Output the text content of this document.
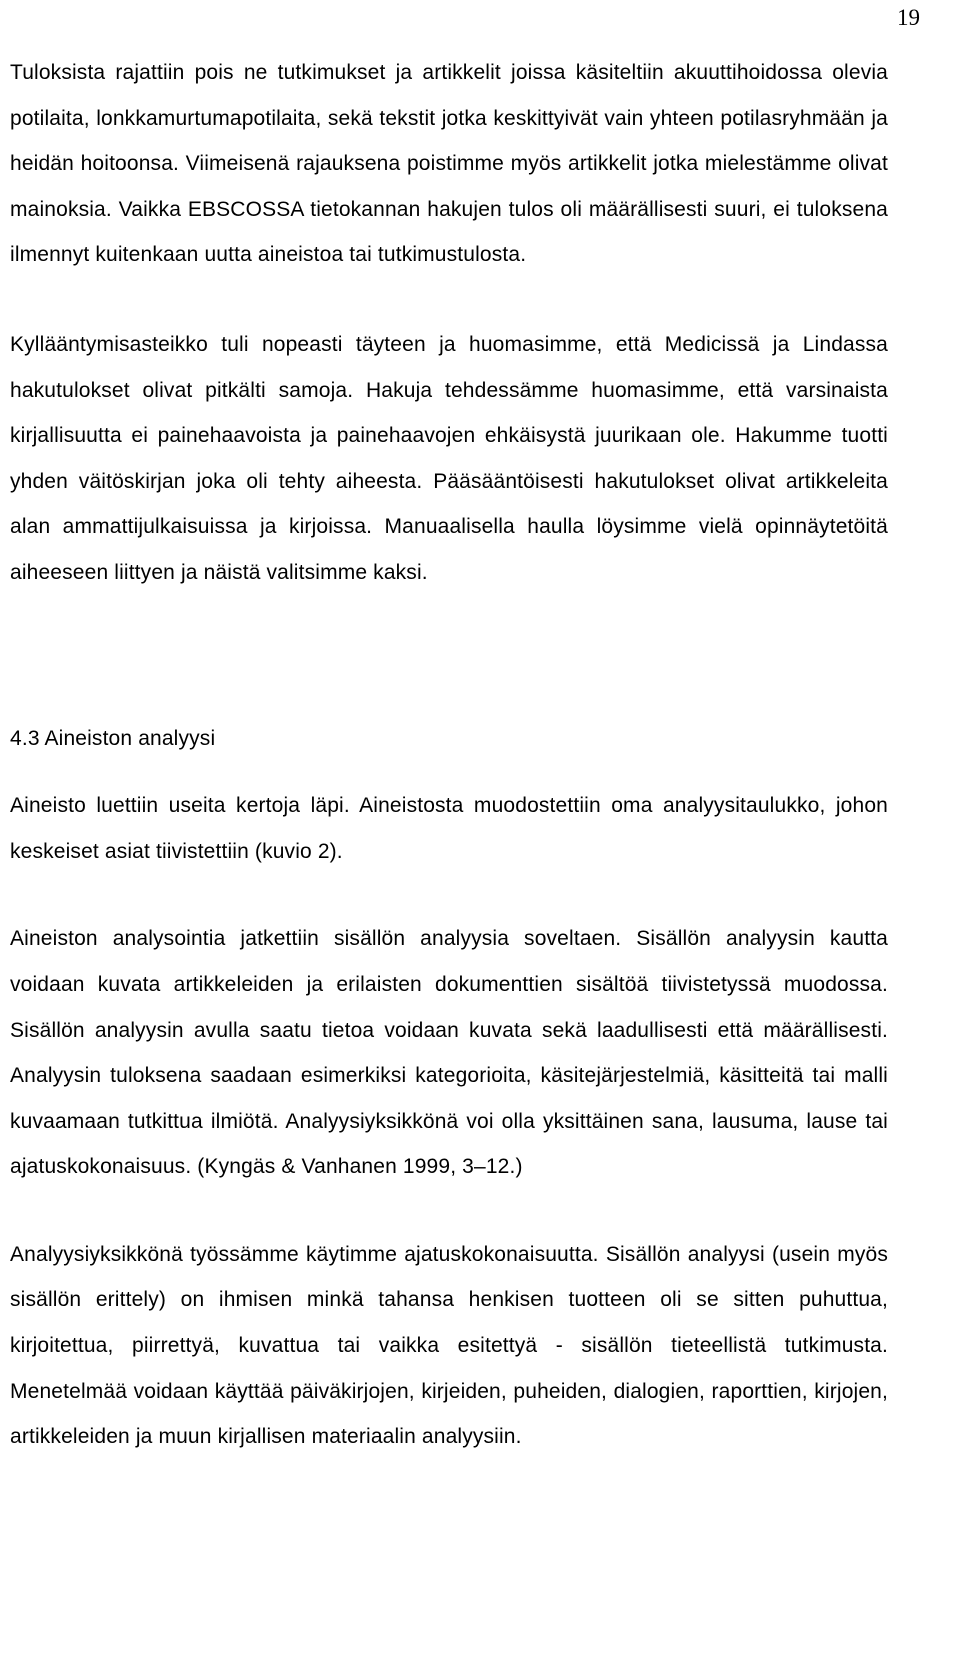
19

Tuloksista rajattiin pois ne tutkimukset ja artikkelit joissa käsiteltiin akuuttihoidossa olevia potilaita, lonkkamurtumapotilaita, sekä tekstit jotka keskittyivät vain yhteen potilasryhmään ja heidän hoitoonsa. Viimeisenä rajauksena poistimme myös artikkelit jotka mielestämme olivat mainoksia. Vaikka EBSCOSSA tietokannan hakujen tulos oli määrällisesti suuri, ei tuloksena ilmennyt kuitenkaan uutta aineistoa tai tutkimustulosta.

Kyllääntymisasteikko tuli nopeasti täyteen ja huomasimme, että Medicissä ja Lindassa hakutulokset olivat pitkälti samoja. Hakuja tehdessämme huomasimme, että varsinaista kirjallisuutta ei painehaavoista ja painehaavojen ehkäisystä juurikaan ole. Hakumme tuotti yhden väitöskirjan joka oli tehty aiheesta. Pääsääntöisesti hakutulokset olivat artikkeleita alan ammattijulkaisuissa ja kirjoissa. Manuaalisella haulla löysimme vielä opinnäytetöitä aiheeseen liittyen ja näistä valitsimme kaksi.

4.3 Aineiston analyysi

Aineisto luettiin useita kertoja läpi. Aineistosta muodostettiin oma analyysitaulukko, johon keskeiset asiat tiivistettiin (kuvio 2).

Aineiston analysointia jatkettiin sisällön analyysia soveltaen. Sisällön analyysin kautta voidaan kuvata artikkeleiden ja erilaisten dokumenttien sisältöä tiivistetyssä muodossa. Sisällön analyysin avulla saatu tietoa voidaan kuvata sekä laadullisesti että määrällisesti. Analyysin tuloksena saadaan esimerkiksi kategorioita, käsitejärjestelmiä, käsitteitä tai malli kuvaamaan tutkittua ilmiötä. Analyysiyksikkönä voi olla yksittäinen sana, lausuma, lause tai ajatuskokonaisuus. (Kyngäs & Vanhanen 1999, 3–12.)

Analyysiyksikkönä työssämme käytimme ajatuskokonaisuutta. Sisällön analyysi (usein myös sisällön erittely) on ihmisen minkä tahansa henkisen tuotteen oli se sitten puhuttua, kirjoitettua, piirrettyä, kuvattua tai vaikka esitettyä - sisällön tieteellistä tutkimusta. Menetelmää voidaan käyttää päiväkirjojen, kirjeiden, puheiden, dialogien, raporttien, kirjojen, artikkeleiden ja muun kirjallisen materiaalin analyysiin.
